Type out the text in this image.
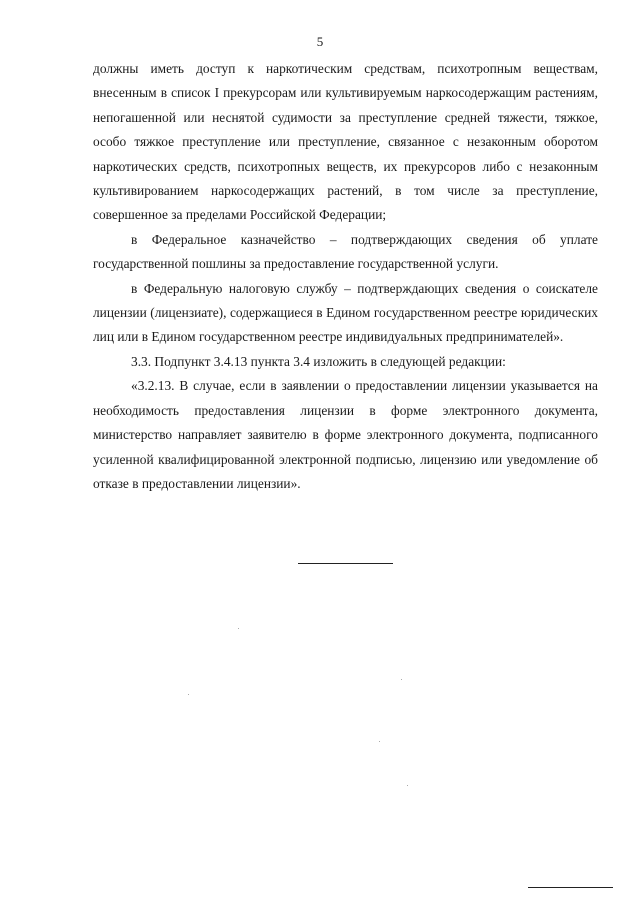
5

должны иметь доступ к наркотическим средствам, психотропным веществам, внесенным в список I прекурсорам или культивируемым наркосодержащим растениям, непогашенной или неснятой судимости за преступление средней тяжести, тяжкое, особо тяжкое преступление или преступление, связанное с незаконным оборотом наркотических средств, психотропных веществ, их прекурсоров либо с незаконным культивированием наркосодержащих растений, в том числе за преступление, совершенное за пределами Российской Федерации;

в Федеральное казначейство – подтверждающих сведения об уплате государственной пошлины за предоставление государственной услуги.

в Федеральную налоговую службу – подтверждающих сведения о соискателе лицензии (лицензиате), содержащиеся в Едином государственном реестре юридических лиц или в Едином государственном реестре индивидуальных предпринимателей».

3.3. Подпункт 3.4.13 пункта 3.4 изложить в следующей редакции:

«3.2.13. В случае, если в заявлении о предоставлении лицензии указывается на необходимость предоставления лицензии в форме электронного документа, министерство направляет заявителю в форме электронного документа, подписанного усиленной квалифицированной электронной подписью, лицензию или уведомление об отказе в предоставлении лицензии».
